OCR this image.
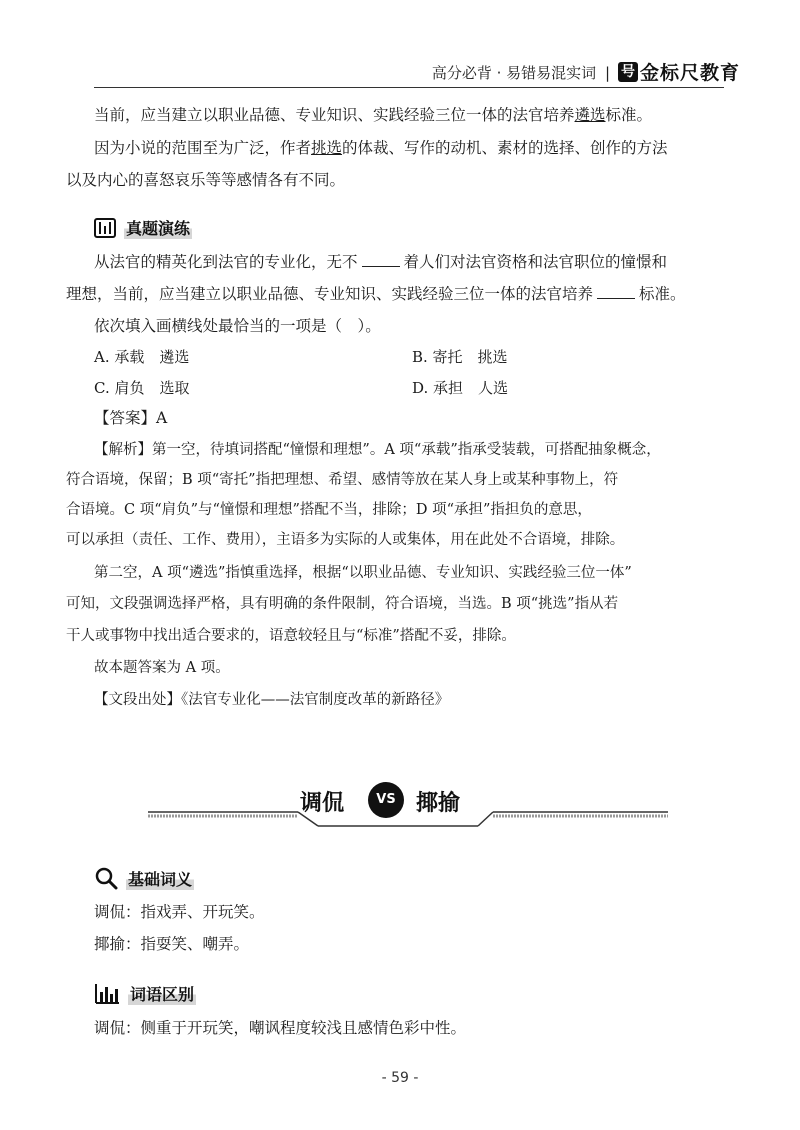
高分必背 · 易错易混实词 | 号 金标尺教育
当前，应当建立以职业品德、专业知识、实践经验三位一体的法官培养遴选标准。
因为小说的范围至为广泛，作者挑选的体裁、写作的动机、素材的选择、创作的方法
以及内心的喜怒哀乐等等感情各有不同。
真题演练
从法官的精英化到法官的专业化，无不	着人们对法官资格和法官职位的憧憬和
理想，当前，应当建立以职业品德、专业知识、实践经验三位一体的法官培养	标准。
依次填入画横线处最恰当的一项是（　）。
A. 承载　遴选	B. 寄托　挑选
C. 肩负　选取	D. 承担　人选
【答案】A
【解析】第一空，待填词搭配“憧憬和理想”。A 项“承载”指承受装载，可搭配抽象概念，
符合语境，保留；B 项“寄托”指把理想、希望、感情等放在某人身上或某种事物上，符
合语境。C 项“肩负”与“憧憬和理想”搭配不当，排除；D 项“承担”指担负的意思，
可以承担（责任、工作、费用），主语多为实际的人或集体，用在此处不合语境，排除。
第二空，A 项“遴选”指慎重选择，根据“以职业品德、专业知识、实践经验三位一体”
可知，文段强调选择严格，具有明确的条件限制，符合语境，当选。B 项“挑选”指从若
干人或事物中找出适合要求的，语意较轻且与“标准”搭配不妥，排除。
故本题答案为 A 项。
【文段出处】《法官专业化——法官制度改革的新路径》
调侃	VS 揶揄
基础词义
调侃：指戏弄、开玩笑。
揶揄：指耍笑、嘲弄。
词语区别
调侃：侧重于开玩笑，嘲讽程度较浅且感情色彩中性。
- 59 -
